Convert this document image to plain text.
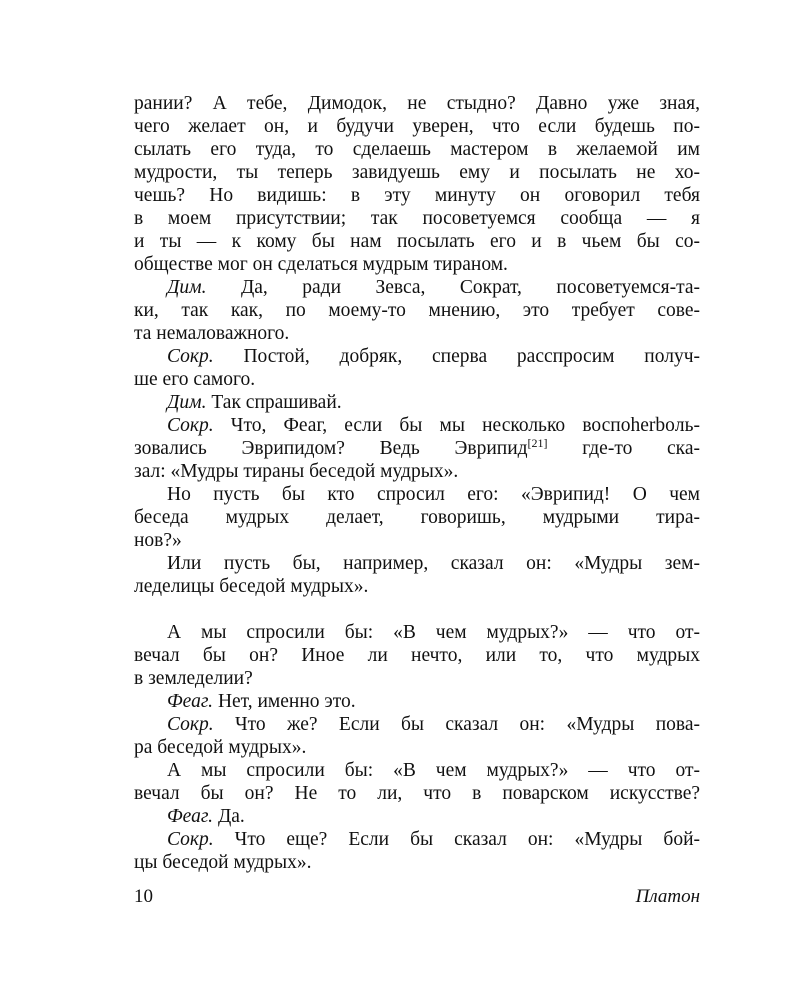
рании? А тебе, Димодок, не стыдно? Давно уже зная,
чего желает он, и будучи уверен, что если будешь по-
сылать его туда, то сделаешь мастером в желаемой им
мудрости, ты теперь завидуешь ему и посылать не хо-
чешь? Но видишь: в эту минуту он оговорил тебя
в моем присутствии; так посоветуемся сообща — я
и ты — к кому бы нам посылать его и в чьем бы со-
обществе мог он сделаться мудрым тираном.
Дим. Да, ради Зевса, Сократ, посоветуемся-та-
ки, так как, по моему-то мнению, это требует сове-
та немаловажного.
Сокр. Постой, добряк, сперва расспросим получ-
ше его самого.
Дим. Так спрашивай.
Сокр. Что, Феаг, если бы мы несколько воспоherboль-
зовались Эврипидом? Ведь Эврипид[21] где-то ска-
зал: «Мудры тираны беседой мудрых».
Но пусть бы кто спросил его: «Эврипид! О чем
беседа мудрых делает, говоришь, мудрыми тира-
нов?»
Или пусть бы, например, сказал он: «Мудры зем-
леделицы беседой мудрых».
А мы спросили бы: «В чем мудрых?» — что от-
вечал бы он? Иное ли нечто, или то, что мудрых
в земледелии?
Феаг. Нет, именно это.
Сокр. Что же? Если бы сказал он: «Мудры пова-
ра беседой мудрых».
А мы спросили бы: «В чем мудрых?» — что от-
вечал бы он? Не то ли, что в поварском искусстве?
Феаг. Да.
Сокр. Что еще? Если бы сказал он: «Мудры бой-
цы беседой мудрых».
10	Платон
